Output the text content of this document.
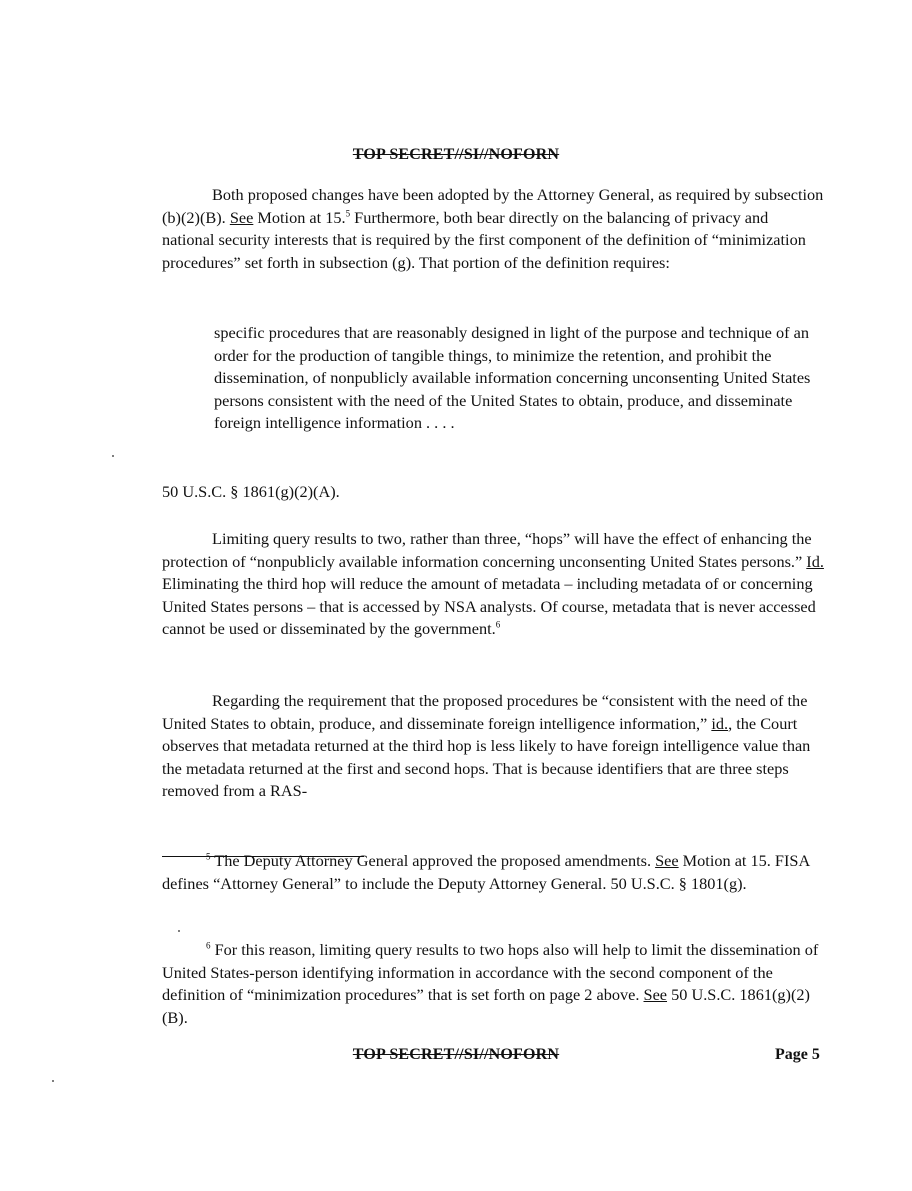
TOP SECRET//SI//NOFORN
Both proposed changes have been adopted by the Attorney General, as required by subsection (b)(2)(B). See Motion at 15.$^5$ Furthermore, both bear directly on the balancing of privacy and national security interests that is required by the first component of the definition of “minimization procedures” set forth in subsection (g). That portion of the definition requires:
specific procedures that are reasonably designed in light of the purpose and technique of an order for the production of tangible things, to minimize the retention, and prohibit the dissemination, of nonpublicly available information concerning unconsenting United States persons consistent with the need of the United States to obtain, produce, and disseminate foreign intelligence information . . . .
50 U.S.C. § 1861(g)(2)(A).
Limiting query results to two, rather than three, “hops” will have the effect of enhancing the protection of “nonpublicly available information concerning unconsenting United States persons.” Id. Eliminating the third hop will reduce the amount of metadata – including metadata of or concerning United States persons – that is accessed by NSA analysts. Of course, metadata that is never accessed cannot be used or disseminated by the government.$^6$
Regarding the requirement that the proposed procedures be “consistent with the need of the United States to obtain, produce, and disseminate foreign intelligence information,” id., the Court observes that metadata returned at the third hop is less likely to have foreign intelligence value than the metadata returned at the first and second hops. That is because identifiers that are three steps removed from a RAS-
$^5$ The Deputy Attorney General approved the proposed amendments. See Motion at 15. FISA defines “Attorney General” to include the Deputy Attorney General. 50 U.S.C. § 1801(g).
$^6$ For this reason, limiting query results to two hops also will help to limit the dissemination of United States-person identifying information in accordance with the second component of the definition of “minimization procedures” that is set forth on page 2 above. See 50 U.S.C. 1861(g)(2)(B).
TOP SECRET//SI//NOFORN	Page 5
